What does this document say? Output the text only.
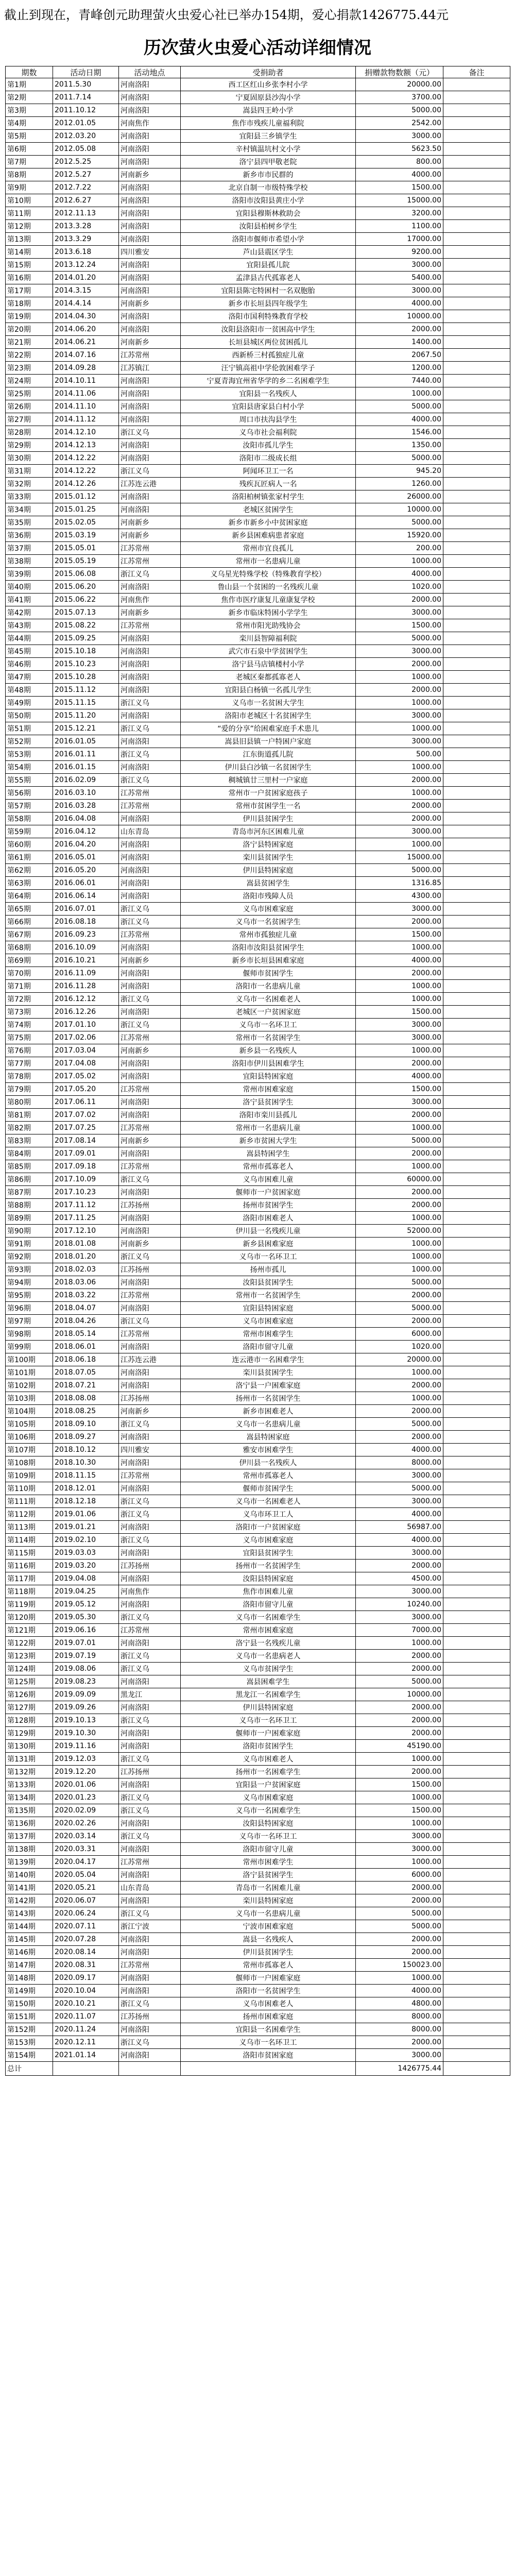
截止到现在，青峰创元助理萤火虫爱心社已举办154期，爱心捐款1426775.44元
历次萤火虫爱心活动详细情况
期数	活动日期	活动地点	受捐助者	捐赠款物数额（元）	备注
第1期	2011.5.30	河南洛阳	西工区红山乡张李村小学	20000.00	
第2期	2011.7.14	河南洛阳	宁夏固原县沙沟小学	3700.00	
第3期	2011.10.12	河南洛阳	嵩县四王岭小学	5000.00	
第4期	2012.01.05	河南焦作	焦作市残疾儿童福利院	2542.00	
第5期	2012.03.20	河南洛阳	宜阳县三乡镇学生	3000.00	
第6期	2012.05.08	河南洛阳	辛村镇温坑村文小学	5623.50	
第7期	2012.5.25	河南洛阳	洛宁县四甲敬老院	800.00	
第8期	2012.5.27	河南新乡	新乡市市民群的	4000.00	
第9期	2012.7.22	河南洛阳	北京自制一市级特殊学校	1500.00	
第10期	2012.6.27	河南洛阳	洛阳市汝阳县黄庄小学	15000.00	
第11期	2012.11.13	河南洛阳	宜阳县穆斯林救助会	3200.00	
第12期	2013.3.28	河南洛阳	汝阳县柏树乡学生	1100.00	
第13期	2013.3.29	河南洛阳	洛阳市偃师市希望小学	17000.00	
第14期	2013.6.18	四川雅安	芦山县震区学生	9200.00	
第15期	2013.12.24	河南洛阳	宜阳县孤儿院	3000.00	
第16期	2014.01.20	河南洛阳	孟津县古代孤寡老人	5400.00	
第17期	2014.3.15	河南洛阳	宜阳县陈宅特困村一名双胞胎	3000.00	
第18期	2014.4.14	河南新乡	新乡市长垣县四年级学生	4000.00	
第19期	2014.04.30	河南洛阳	洛阳市国利特殊教育学校	10000.00	
第20期	2014.06.20	河南洛阳	汝阳县洛阳市一贫困高中学生	2000.00	
第21期	2014.06.21	河南新乡	长垣县城区两位贫困孤儿	1400.00	
第22期	2014.07.16	江苏常州	西新桥三村孤独症儿童	2067.50	
第23期	2014.09.28	江苏镇江	汪宁镇高祖中学伦敦困难学子	1200.00	
第24期	2014.10.11	河南洛阳	宁夏青海宜州省华学的乡二名困难学生	7440.00	
第25期	2014.11.06	河南洛阳	宜阳县一名残疾人	1000.00	
第26期	2014.11.10	河南洛阳	宜阳县唐家县白村小学	5000.00	
第27期	2014.11.12	河南洛阳	周口市扶沟县学生	4000.00	
第28期	2014.12.10	浙江义乌	义乌市社会福利院	1546.00	
第29期	2014.12.13	河南洛阳	汝阳市孤儿学生	1350.00	
第30期	2014.12.22	河南洛阳	洛阳市二级成长组	5000.00	
第31期	2014.12.22	浙江义乌	阿闻环卫工一名	945.20	
第32期	2014.12.26	江苏连云港	残疾瓦匠病人一名	1260.00	
第33期	2015.01.12	河南洛阳	洛阳柏树镇张家村学生	26000.00	
第34期	2015.01.25	河南洛阳	老城区贫困学生	10000.00	
第35期	2015.02.05	河南新乡	新乡市新乡小中贫困家庭	5000.00	
第36期	2015.03.19	河南新乡	新乡县困难病患者家庭	15920.00	
第37期	2015.05.01	江苏常州	常州市宜良孤儿	200.00	
第38期	2015.05.19	江苏常州	常州市一名患病儿童	1000.00	
第39期	2015.06.08	浙江义乌	义乌星光特殊学校（特殊教育学校）	4000.00	
第40期	2015.06.20	河南洛阳	鲁山县一个贫困的一名残疾儿童	1020.00	
第41期	2015.06.22	河南焦作	焦作市医疗康复儿童康复学校	2000.00	
第42期	2015.07.13	河南新乡	新乡市临床特困小学学生	3000.00	
第43期	2015.08.22	江苏常州	常州市阳光助残协会	1500.00	
第44期	2015.09.25	河南洛阳	栾川县智障福利院	5000.00	
第45期	2015.10.18	河南洛阳	武穴市石泉中学贫困学生	3000.00	
第46期	2015.10.23	河南洛阳	洛宁县马店镇楼村小学	2000.00	
第47期	2015.10.28	河南洛阳	老城区秦都孤寡老人	1000.00	
第48期	2015.11.12	河南洛阳	宜阳县白杨镇一名孤儿学生	2000.00	
第49期	2015.11.15	浙江义乌	义乌市一名贫困大学生	1000.00	
第50期	2015.11.20	河南洛阳	洛阳市老城区十名贫困学生	3000.00	
第51期	2015.12.21	浙江义乌	“爱的分享”给困难家庭手术患儿	1000.00	
第52期	2016.01.05	河南洛阳	嵩县旧县镇一户特困户家庭	3000.00	
第53期	2016.01.11	浙江义乌	江东街道孤儿院	500.00	
第54期	2016.01.15	河南洛阳	伊川县白沙镇一名贫困学生	1000.00	
第55期	2016.02.09	浙江义乌	稠城镇廿三里村一户家庭	2000.00	
第56期	2016.03.10	江苏常州	常州市一户贫困家庭孩子	1000.00	
第57期	2016.03.28	江苏常州	常州市贫困学生一名	2000.00	
第58期	2016.04.08	河南洛阳	伊川县贫困学生	2000.00	
第59期	2016.04.12	山东青岛	青岛市河东区困难儿童	3000.00	
第60期	2016.04.20	河南洛阳	洛宁县特困家庭	1000.00	
第61期	2016.05.01	河南洛阳	栾川县贫困学生	15000.00	
第62期	2016.05.20	河南洛阳	伊川县特困家庭	5000.00	
第63期	2016.06.01	河南洛阳	嵩县贫困学生	1316.85	
第64期	2016.06.14	河南洛阳	洛阳市残障人员	4300.00	
第65期	2016.07.01	浙江义乌	义乌市困难家庭	3000.00	
第66期	2016.08.18	浙江义乌	义乌市一名贫困学生	2000.00	
第67期	2016.09.23	江苏常州	常州市孤独症儿童	1500.00	
第68期	2016.10.09	河南洛阳	洛阳市汝阳县贫困学生	1000.00	
第69期	2016.10.21	河南新乡	新乡市长垣县困难家庭	4000.00	
第70期	2016.11.09	河南洛阳	偃师市贫困学生	2000.00	
第71期	2016.11.28	河南洛阳	洛阳市一名患病儿童	1000.00	
第72期	2016.12.12	浙江义乌	义乌市一名困难老人	1000.00	
第73期	2016.12.26	河南洛阳	老城区一户贫困家庭	1500.00	
第74期	2017.01.10	浙江义乌	义乌市一名环卫工	3000.00	
第75期	2017.02.06	江苏常州	常州市一名贫困学生	3000.00	
第76期	2017.03.04	河南新乡	新乡县一名残疾人	1000.00	
第77期	2017.04.08	河南洛阳	洛阳市伊川县困难学生	2000.00	
第78期	2017.05.02	河南洛阳	宜阳县特困家庭	4000.00	
第79期	2017.05.20	江苏常州	常州市困难家庭	1500.00	
第80期	2017.06.11	河南洛阳	洛宁县贫困学生	3000.00	
第81期	2017.07.02	河南洛阳	洛阳市栾川县孤儿	2000.00	
第82期	2017.07.25	江苏常州	常州市一名患病儿童	1000.00	
第83期	2017.08.14	河南新乡	新乡市贫困大学生	5000.00	
第84期	2017.09.01	河南洛阳	嵩县特困学生	2000.00	
第85期	2017.09.18	江苏常州	常州市孤寡老人	1000.00	
第86期	2017.10.09	浙江义乌	义乌市困难儿童	60000.00	
第87期	2017.10.23	河南洛阳	偃师市一户贫困家庭	2000.00	
第88期	2017.11.12	江苏扬州	扬州市贫困学生	2000.00	
第89期	2017.11.25	河南洛阳	洛阳市困难老人	1000.00	
第90期	2017.12.10	河南洛阳	伊川县一名残疾儿童	52000.00	
第91期	2018.01.08	河南新乡	新乡县困难家庭	1000.00	
第92期	2018.01.20	浙江义乌	义乌市一名环卫工	1000.00	
第93期	2018.02.03	江苏扬州	扬州市孤儿	1000.00	
第94期	2018.03.06	河南洛阳	汝阳县贫困学生	5000.00	
第95期	2018.03.22	江苏常州	常州市一名贫困学生	2000.00	
第96期	2018.04.07	河南洛阳	宜阳县特困家庭	5000.00	
第97期	2018.04.26	浙江义乌	义乌市困难家庭	2000.00	
第98期	2018.05.14	江苏常州	常州市困难学生	6000.00	
第99期	2018.06.01	河南洛阳	洛阳市留守儿童	1020.00	
第100期	2018.06.18	江苏连云港	连云港市一名困难学生	20000.00	
第101期	2018.07.05	河南洛阳	栾川县贫困学生	1000.00	
第102期	2018.07.21	河南洛阳	洛宁县一户困难家庭	2000.00	
第103期	2018.08.08	江苏扬州	扬州市一名贫困学生	1000.00	
第104期	2018.08.25	河南新乡	新乡市困难老人	2000.00	
第105期	2018.09.10	浙江义乌	义乌市一名患病儿童	5000.00	
第106期	2018.09.27	河南洛阳	嵩县特困家庭	2000.00	
第107期	2018.10.12	四川雅安	雅安市困难学生	4000.00	
第108期	2018.10.30	河南洛阳	伊川县一名残疾人	8000.00	
第109期	2018.11.15	江苏常州	常州市孤寡老人	3000.00	
第110期	2018.12.01	河南洛阳	偃师市贫困学生	5000.00	
第111期	2018.12.18	浙江义乌	义乌市一名困难老人	3000.00	
第112期	2019.01.06	浙江义乌	义乌市环卫工人	4000.00	
第113期	2019.01.21	河南洛阳	洛阳市一户贫困家庭	56987.00	
第114期	2019.02.10	浙江义乌	义乌市困难家庭	4000.00	
第115期	2019.03.03	河南洛阳	宜阳县贫困学生	3000.00	
第116期	2019.03.20	江苏扬州	扬州市一名贫困学生	2000.00	
第117期	2019.04.08	河南洛阳	汝阳县特困家庭	4500.00	
第118期	2019.04.25	河南焦作	焦作市困难儿童	3000.00	
第119期	2019.05.12	河南洛阳	洛阳市留守儿童	10240.00	
第120期	2019.05.30	浙江义乌	义乌市一名困难学生	3000.00	
第121期	2019.06.16	江苏常州	常州市困难家庭	7000.00	
第122期	2019.07.01	河南洛阳	洛宁县一名残疾儿童	1000.00	
第123期	2019.07.19	浙江义乌	义乌市一名患病老人	2000.00	
第124期	2019.08.06	浙江义乌	义乌市贫困学生	2000.00	
第125期	2019.08.23	河南洛阳	嵩县困难学生	5000.00	
第126期	2019.09.09	黑龙江	黑龙江一名困难学生	10000.00	
第127期	2019.09.26	河南洛阳	伊川县特困家庭	2000.00	
第128期	2019.10.13	浙江义乌	义乌市一名环卫工	2000.00	
第129期	2019.10.30	河南洛阳	偃师市一户困难家庭	2000.00	
第130期	2019.11.16	河南洛阳	洛阳市贫困学生	45190.00	
第131期	2019.12.03	浙江义乌	义乌市困难老人	1000.00	
第132期	2019.12.20	江苏扬州	扬州市一名困难学生	2000.00	
第133期	2020.01.06	河南洛阳	宜阳县一户贫困家庭	1500.00	
第134期	2020.01.23	浙江义乌	义乌市困难家庭	1000.00	
第135期	2020.02.09	浙江义乌	义乌市一名困难学生	1500.00	
第136期	2020.02.26	河南洛阳	汝阳县特困家庭	1000.00	
第137期	2020.03.14	浙江义乌	义乌市一名环卫工	3000.00	
第138期	2020.03.31	河南洛阳	洛阳市留守儿童	3000.00	
第139期	2020.04.17	江苏常州	常州市困难学生	1000.00	
第140期	2020.05.04	河南洛阳	洛宁县贫困学生	6000.00	
第141期	2020.05.21	山东青岛	青岛市一名困难儿童	2000.00	
第142期	2020.06.07	河南洛阳	栾川县特困家庭	2000.00	
第143期	2020.06.24	浙江义乌	义乌市一名患病儿童	5000.00	
第144期	2020.07.11	浙江宁波	宁波市困难家庭	5000.00	
第145期	2020.07.28	河南洛阳	嵩县一名残疾人	2000.00	
第146期	2020.08.14	河南洛阳	伊川县贫困学生	2000.00	
第147期	2020.08.31	江苏常州	常州市孤寡老人	150023.00	
第148期	2020.09.17	河南洛阳	偃师市一户困难家庭	1000.00	
第149期	2020.10.04	河南洛阳	洛阳市一名贫困学生	4000.00	
第150期	2020.10.21	浙江义乌	义乌市困难老人	4800.00	
第151期	2020.11.07	江苏扬州	扬州市困难家庭	8000.00	
第152期	2020.11.24	河南洛阳	宜阳县一名困难学生	8000.00	
第153期	2020.12.11	浙江义乌	义乌市一名环卫工	2000.00	
第154期	2021.01.14	河南洛阳	洛阳市贫困家庭	3000.00	
总计				1426775.44	
